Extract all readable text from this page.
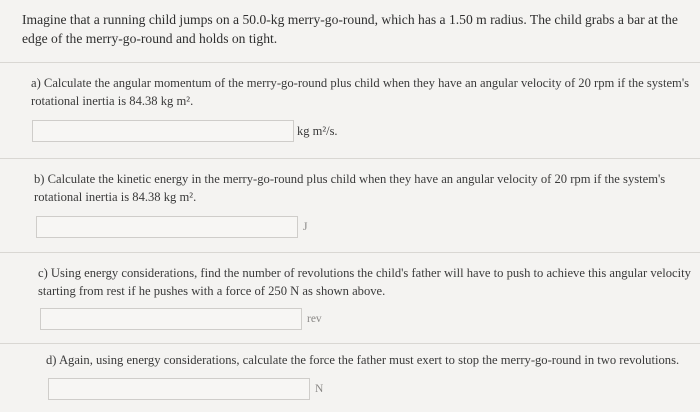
Imagine that a running child jumps on a 50.0-kg merry-go-round, which has a 1.50 m radius. The child grabs a bar at the edge of the merry-go-round and holds on tight.
a) Calculate the angular momentum of the merry-go-round plus child when they have an angular velocity of 20 rpm if the system's rotational inertia is 84.38 kg m².
kg m²/s.
b) Calculate the kinetic energy in the merry-go-round plus child when they have an angular velocity of 20 rpm if the system's rotational inertia is 84.38 kg m².
J
c) Using energy considerations, find the number of revolutions the child's father will have to push to achieve this angular velocity starting from rest if he pushes with a force of 250 N as shown above.
rev
d) Again, using energy considerations, calculate the force the father must exert to stop the merry-go-round in two revolutions.
N
